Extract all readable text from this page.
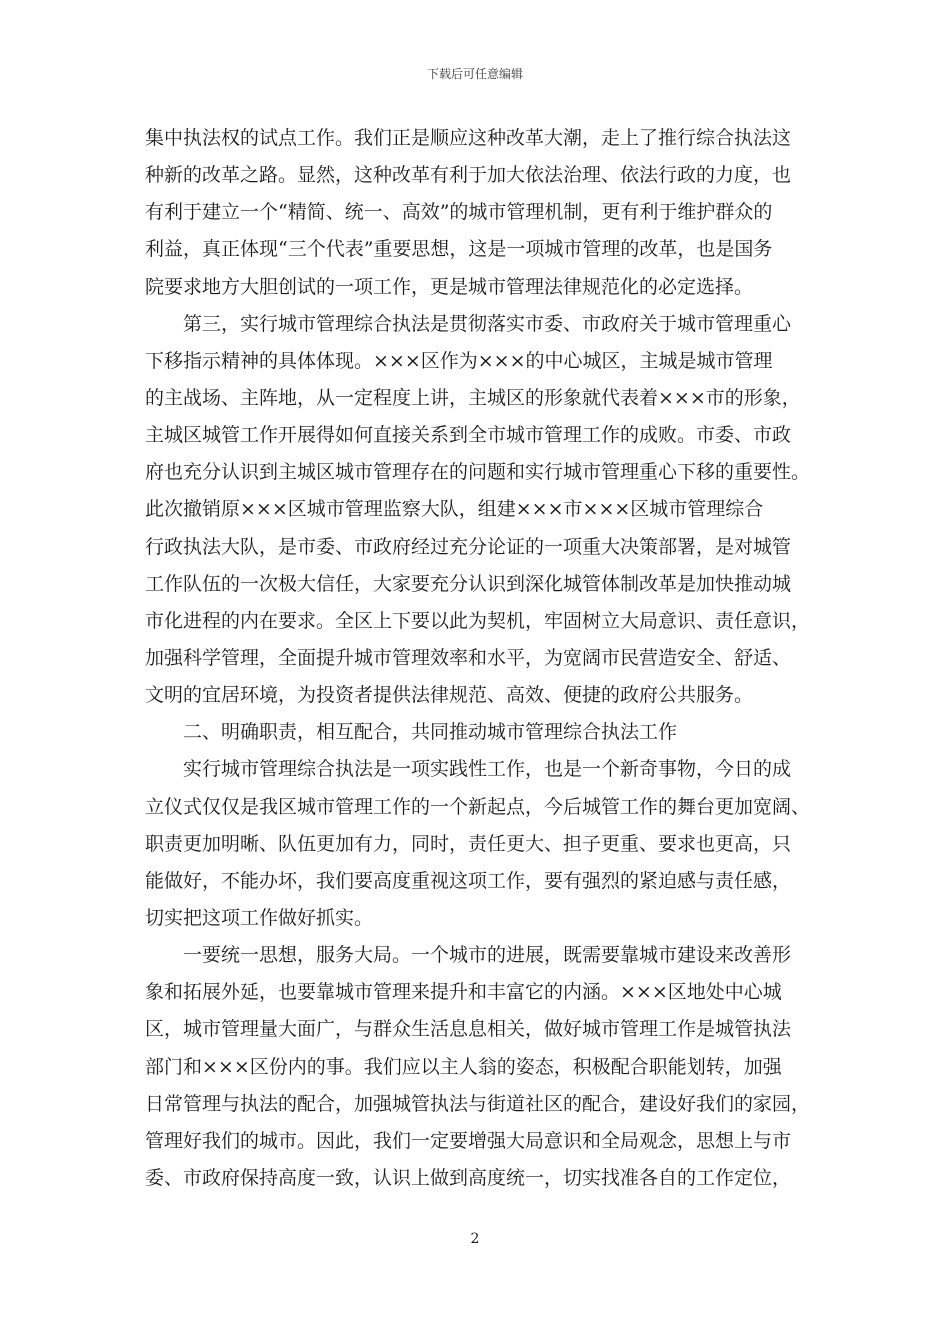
下载后可任意编辑
集中执法权的试点工作。我们正是顺应这种改革大潮，走上了推行综合执法这
种新的改革之路。显然，这种改革有利于加大依法治理、依法行政的力度，也
有利于建立一个“精简、统一、高效”的城市管理机制，更有利于维护群众的
利益，真正体现“三个代表”重要思想，这是一项城市管理的改革，也是国务
院要求地方大胆创试的一项工作，更是城市管理法律规范化的必定选择。
第三，实行城市管理综合执法是贯彻落实市委、市政府关于城市管理重心
下移指示精神的具体体现。×××区作为×××的中心城区，主城是城市管理
的主战场、主阵地，从一定程度上讲，主城区的形象就代表着×××市的形象，
主城区城管工作开展得如何直接关系到全市城市管理工作的成败。市委、市政
府也充分认识到主城区城市管理存在的问题和实行城市管理重心下移的重要性。
此次撤销原×××区城市管理监察大队，组建×××市×××区城市管理综合
行政执法大队，是市委、市政府经过充分论证的一项重大决策部署，是对城管
工作队伍的一次极大信任，大家要充分认识到深化城管体制改革是加快推动城
市化进程的内在要求。全区上下要以此为契机，牢固树立大局意识、责任意识，
加强科学管理，全面提升城市管理效率和水平，为宽阔市民营造安全、舒适、
文明的宜居环境，为投资者提供法律规范、高效、便捷的政府公共服务。
二、明确职责，相互配合，共同推动城市管理综合执法工作
实行城市管理综合执法是一项实践性工作，也是一个新奇事物，今日的成
立仪式仅仅是我区城市管理工作的一个新起点，今后城管工作的舞台更加宽阔、
职责更加明晰、队伍更加有力，同时，责任更大、担子更重、要求也更高，只
能做好，不能办坏，我们要高度重视这项工作，要有强烈的紧迫感与责任感，
切实把这项工作做好抓实。
一要统一思想，服务大局。一个城市的进展，既需要靠城市建设来改善形
象和拓展外延，也要靠城市管理来提升和丰富它的内涵。×××区地处中心城
区，城市管理量大面广，与群众生活息息相关，做好城市管理工作是城管执法
部门和×××区份内的事。我们应以主人翁的姿态，积极配合职能划转，加强
日常管理与执法的配合，加强城管执法与街道社区的配合，建设好我们的家园，
管理好我们的城市。因此，我们一定要增强大局意识和全局观念，思想上与市
委、市政府保持高度一致，认识上做到高度统一，切实找准各自的工作定位，
2
